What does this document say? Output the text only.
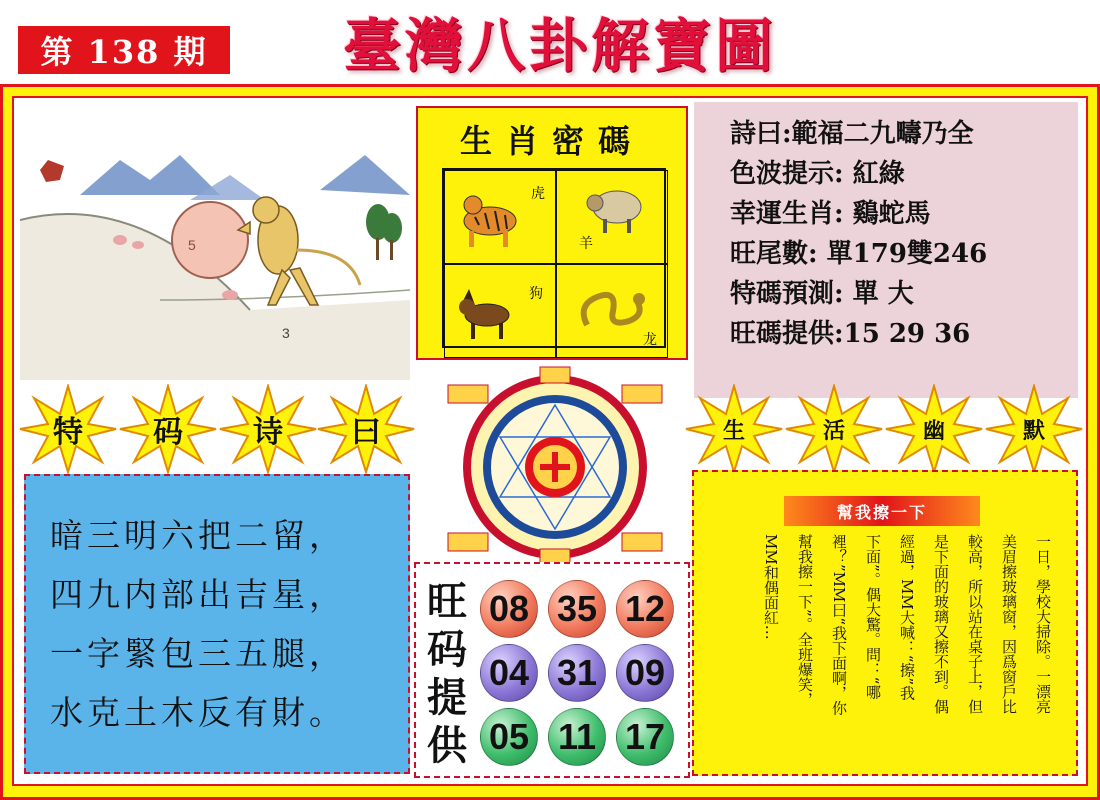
第 138 期	臺灣八卦解寶圖
5
3
生肖密碼
虎
羊
狗
龙
詩曰:範福二九疇乃全
色波提示: 紅綠
幸運生肖: 鷄蛇馬
旺尾數: 單179雙246
特碼預測: 單 大
旺碼提供:15 29 36
特	码	诗	曰	生	活	幽	默
暗三明六把二留，
四九内部出吉星，
一字緊包三五腿，
水克土木反有財。
旺码提供
08 35 12
04 31 09
05 11 17
幫我擦一下
一日，學校大掃除。一漂亮
美眉擦玻璃窗，因爲窗戶比
較高，所以站在桌子上，但
是下面的玻璃又擦不到。偶
經過，MM大喊：“擦”我
下面”。偶大驚。問：“哪
裡？”MM曰“我下面啊，你
幫我擦一下”。全班爆笑，
MM和偶面紅…
